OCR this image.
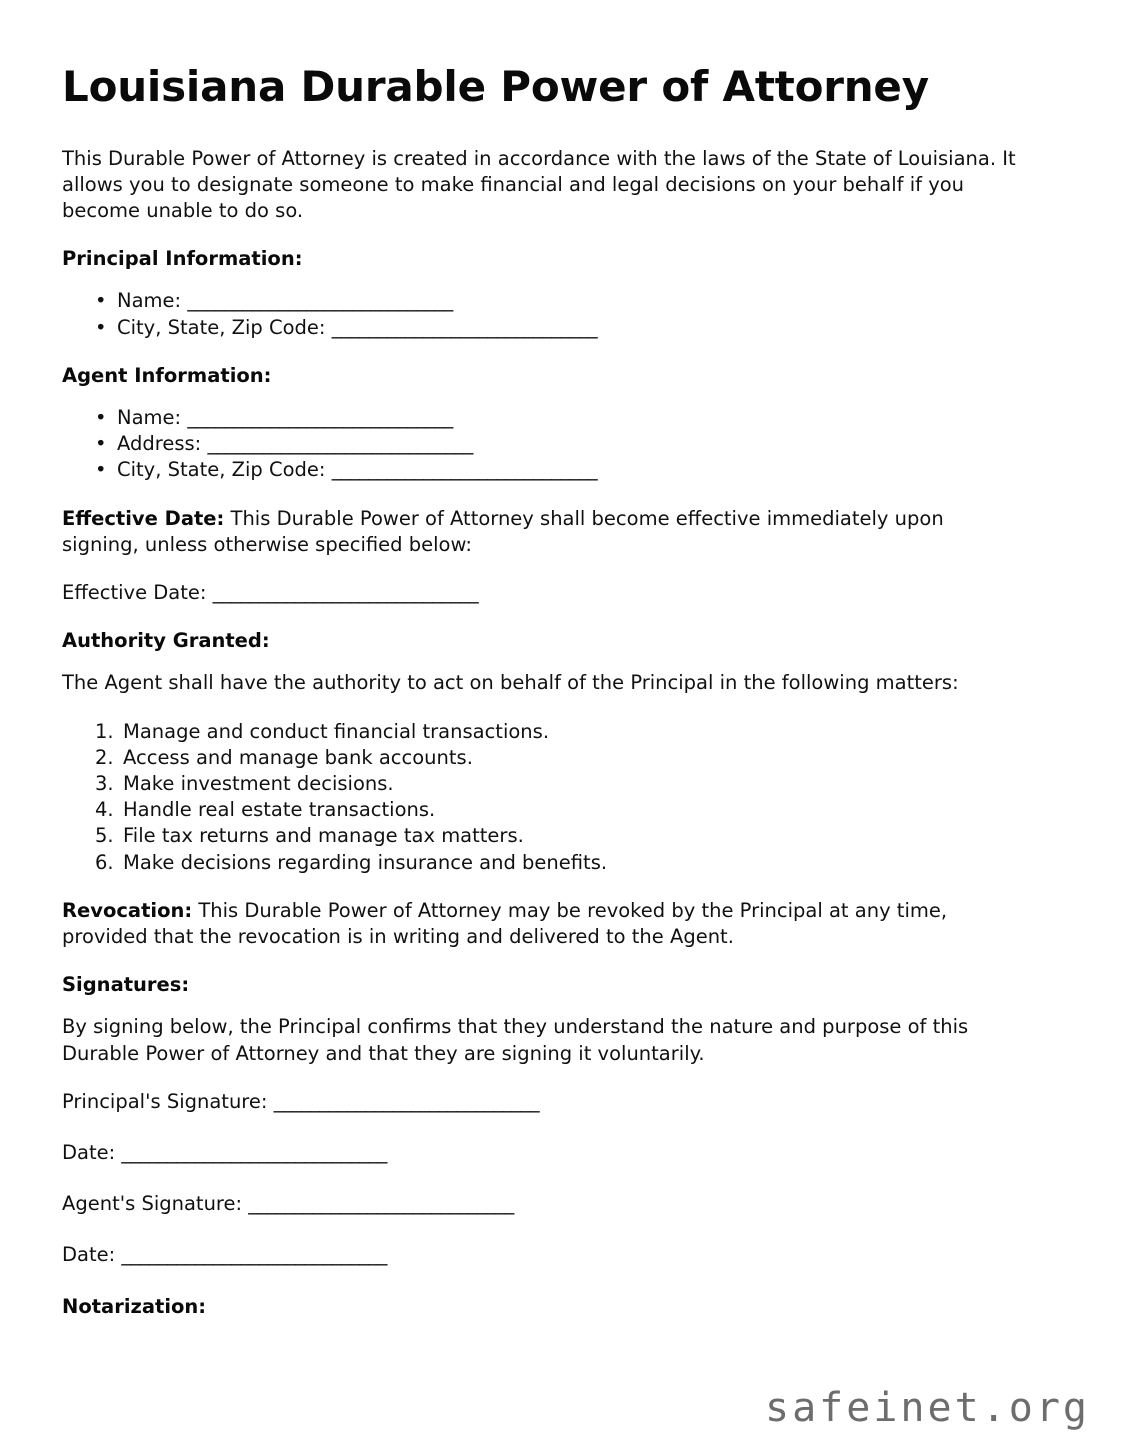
Louisiana Durable Power of Attorney

This Durable Power of Attorney is created in accordance with the laws of the State of Louisiana. It allows you to designate someone to make financial and legal decisions on your behalf if you become unable to do so.

Principal Information:
• Name: _____________________________
• City, State, Zip Code: _____________________________
Agent Information:
• Name: _____________________________
• Address: _____________________________
• City, State, Zip Code: _____________________________

Effective Date: This Durable Power of Attorney shall become effective immediately upon signing, unless otherwise specified below:

Effective Date: _____________________________

Authority Granted:

The Agent shall have the authority to act on behalf of the Principal in the following matters:

Manage and conduct financial transactions.
Access and manage bank accounts.
Make investment decisions.
Handle real estate transactions.
File tax returns and manage tax matters.
Make decisions regarding insurance and benefits.

Revocation: This Durable Power of Attorney may be revoked by the Principal at any time, provided that the revocation is in writing and delivered to the Agent.

Signatures:

By signing below, the Principal confirms that they understand the nature and purpose of this Durable Power of Attorney and that they are signing it voluntarily.

Principal's Signature: _____________________________

Date: _____________________________

Agent's Signature: _____________________________

Date: _____________________________

Notarization:
safeinet.org
